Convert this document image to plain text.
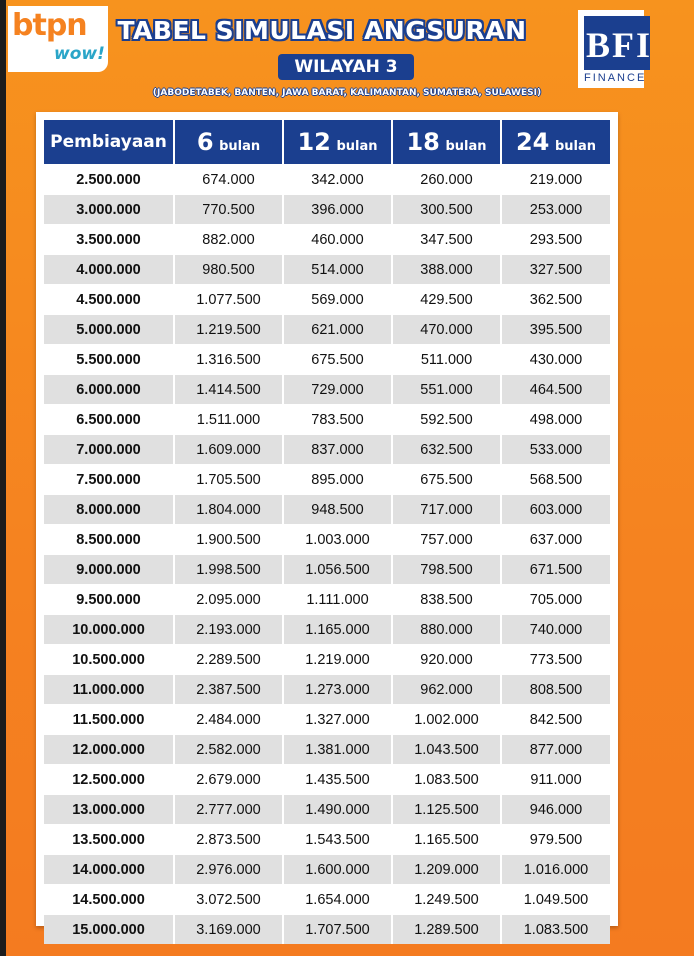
btpn
wow!	BFI
FINANCE
TABEL SIMULASI ANGSURAN
WILAYAH 3
(JABODETABEK, BANTEN, JAWA BARAT, KALIMANTAN, SUMATERA, SULAWESI)
Pembiayaan	6 bulan	12 bulan	18 bulan	24 bulan
2.500.000	674.000	342.000	260.000	219.000
3.000.000	770.500	396.000	300.500	253.000
3.500.000	882.000	460.000	347.500	293.500
4.000.000	980.500	514.000	388.000	327.500
4.500.000	1.077.500	569.000	429.500	362.500
5.000.000	1.219.500	621.000	470.000	395.500
5.500.000	1.316.500	675.500	511.000	430.000
6.000.000	1.414.500	729.000	551.000	464.500
6.500.000	1.511.000	783.500	592.500	498.000
7.000.000	1.609.000	837.000	632.500	533.000
7.500.000	1.705.500	895.000	675.500	568.500
8.000.000	1.804.000	948.500	717.000	603.000
8.500.000	1.900.500	1.003.000	757.000	637.000
9.000.000	1.998.500	1.056.500	798.500	671.500
9.500.000	2.095.000	1.111.000	838.500	705.000
10.000.000	2.193.000	1.165.000	880.000	740.000
10.500.000	2.289.500	1.219.000	920.000	773.500
11.000.000	2.387.500	1.273.000	962.000	808.500
11.500.000	2.484.000	1.327.000	1.002.000	842.500
12.000.000	2.582.000	1.381.000	1.043.500	877.000
12.500.000	2.679.000	1.435.500	1.083.500	911.000
13.000.000	2.777.000	1.490.000	1.125.500	946.000
13.500.000	2.873.500	1.543.500	1.165.500	979.500
14.000.000	2.976.000	1.600.000	1.209.000	1.016.000
14.500.000	3.072.500	1.654.000	1.249.500	1.049.500
15.000.000	3.169.000	1.707.500	1.289.500	1.083.500
